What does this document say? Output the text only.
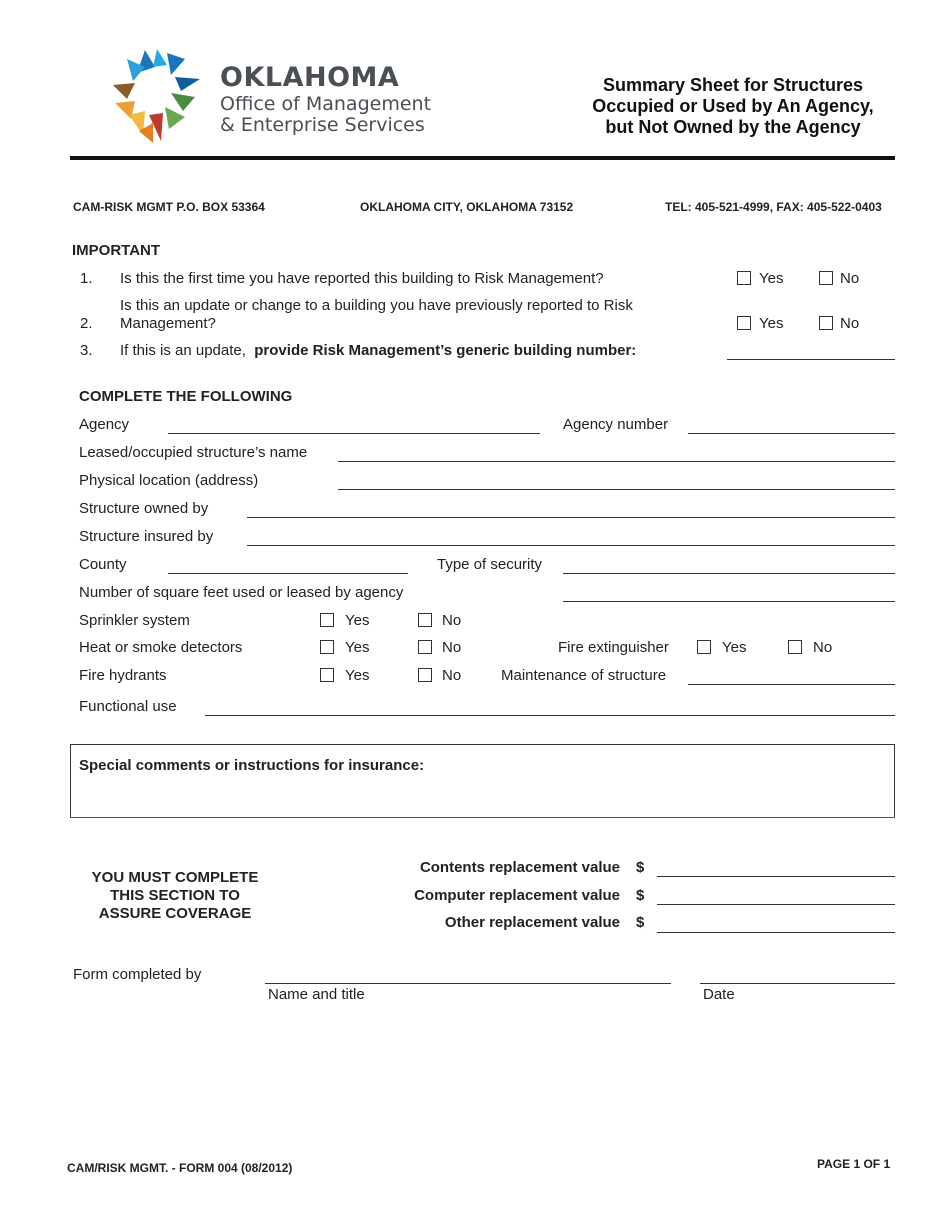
OKLAHOMA
Office of Management
& Enterprise Services
Summary Sheet for Structures
Occupied or Used by An Agency,
but Not Owned by the Agency
CAM-RISK MGMT P.O. BOX 53364	OKLAHOMA CITY, OKLAHOMA 73152	TEL: 405-521-4999, FAX: 405-522-0403
IMPORTANT
1. Is this the first time you have reported this building to Risk Management?	Yes	No
Is this an update or change to a building you have previously reported to Risk
2. Management?	Yes	No
3. If this is an update, provide Risk Management’s generic building number:
COMPLETE THE FOLLOWING
Agency	Agency number
Leased/occupied structure’s name
Physical location (address)
Structure owned by
Structure insured by
County	Type of security
Number of square feet used or leased by agency
Sprinkler system	Yes	No
Heat or smoke detectors	Yes	No	Fire extinguisher	Yes	No
Fire hydrants	Yes	No	Maintenance of structure
Functional use
Special comments or instructions for insurance:
YOU MUST COMPLETE
THIS SECTION TO
ASSURE COVERAGE
Contents replacement value $
Computer replacement value $
Other replacement value $
Form completed by
Name and title	Date
CAM/RISK MGMT. - FORM 004 (08/2012)	PAGE 1 OF 1
